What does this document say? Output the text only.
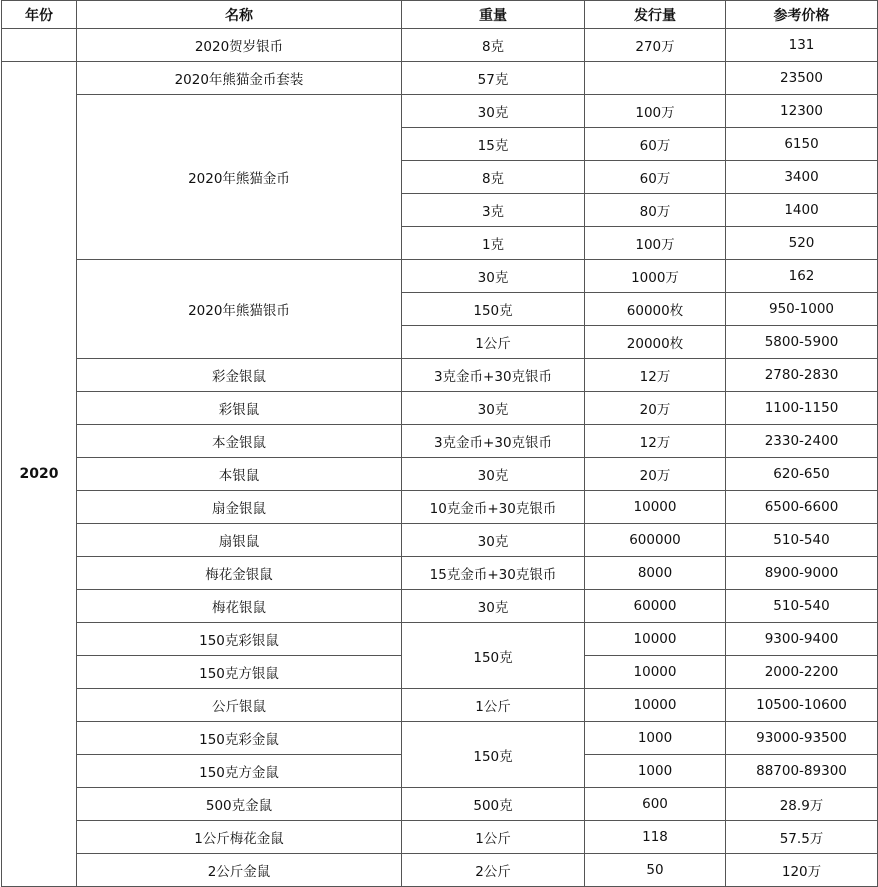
年份	名称	重量	发行量	参考价格
	2020贺岁银币	8克	270万	131
2020	2020年熊猫金币套装	57克		23500
	2020年熊猫金币	30克	100万	12300
		15克	60万	6150
		8克	60万	3400
		3克	80万	1400
		1克	100万	520
	2020年熊猫银币	30克	1000万	162
		150克	60000枚	950-1000
		1公斤	20000枚	5800-5900
	彩金银鼠	3克金币+30克银币	12万	2780-2830
	彩银鼠	30克	20万	1100-1150
	本金银鼠	3克金币+30克银币	12万	2330-2400
	本银鼠	30克	20万	620-650
	扇金银鼠	10克金币+30克银币	10000	6500-6600
	扇银鼠	30克	600000	510-540
	梅花金银鼠	15克金币+30克银币	8000	8900-9000
	梅花银鼠	30克	60000	510-540
	150克彩银鼠	150克	10000	9300-9400
	150克方银鼠		10000	2000-2200
	公斤银鼠	1公斤	10000	10500-10600
	150克彩金鼠	150克	1000	93000-93500
	150克方金鼠		1000	88700-89300
	500克金鼠	500克	600	28.9万
	1公斤梅花金鼠	1公斤	118	57.5万
	2公斤金鼠	2公斤	50	120万
